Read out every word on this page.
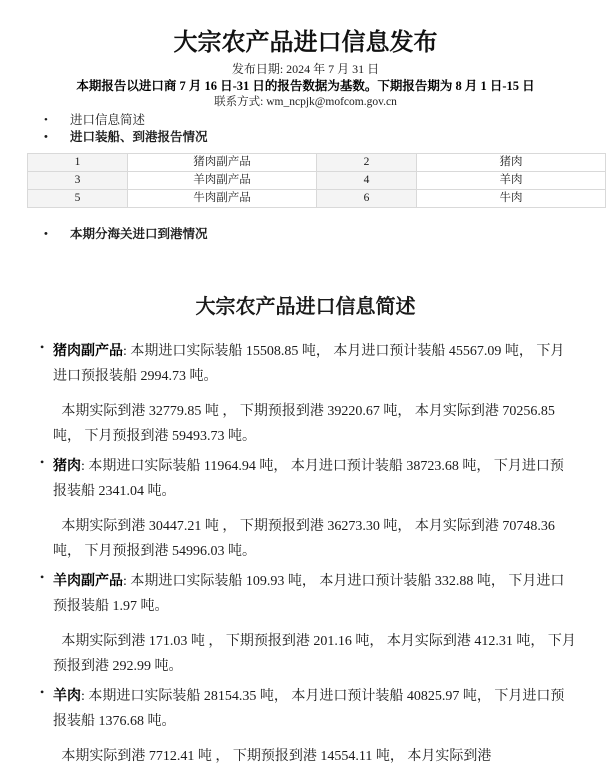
大宗农产品进口信息发布

发布日期: 2024 年 7 月 31 日

本期报告以进口商 7 月 16 日-31 日的报告数据为基数。下期报告期为 8 月 1 日-15 日

联系方式: wm_ncpjk@mofcom.gov.cn

• 进口信息简述
• 进口装船、到港报告情况
1	猪肉副产品	2	猪肉
3	羊肉副产品	4	羊肉
5	牛肉副产品	6	牛肉
• 本期分海关进口到港情况
大宗农产品进口信息简述
• 猪肉副产品: 本期进口实际装船 15508.85 吨， 本月进口预计装船 45567.09 吨， 下月进口预报装船 2994.73 吨。

本期实际到港 32779.85 吨 ， 下期预报到港 39220.67 吨， 本月实际到港 70256.85 吨， 下月预报到港 59493.73 吨。

• 猪肉: 本期进口实际装船 11964.94 吨， 本月进口预计装船 38723.68 吨， 下月进口预报装船 2341.04 吨。

本期实际到港 30447.21 吨 ， 下期预报到港 36273.30 吨， 本月实际到港 70748.36 吨， 下月预报到港 54996.03 吨。

• 羊肉副产品: 本期进口实际装船 109.93 吨， 本月进口预计装船 332.88 吨， 下月进口预报装船 1.97 吨。

本期实际到港 171.03 吨 ， 下期预报到港 201.16 吨， 本月实际到港 412.31 吨， 下月预报到港 292.99 吨。

• 羊肉: 本期进口实际装船 28154.35 吨， 本月进口预计装船 40825.97 吨， 下月进口预报装船 1376.68 吨。

本期实际到港 7712.41 吨 ， 下期预报到港 14554.11 吨， 本月实际到港
